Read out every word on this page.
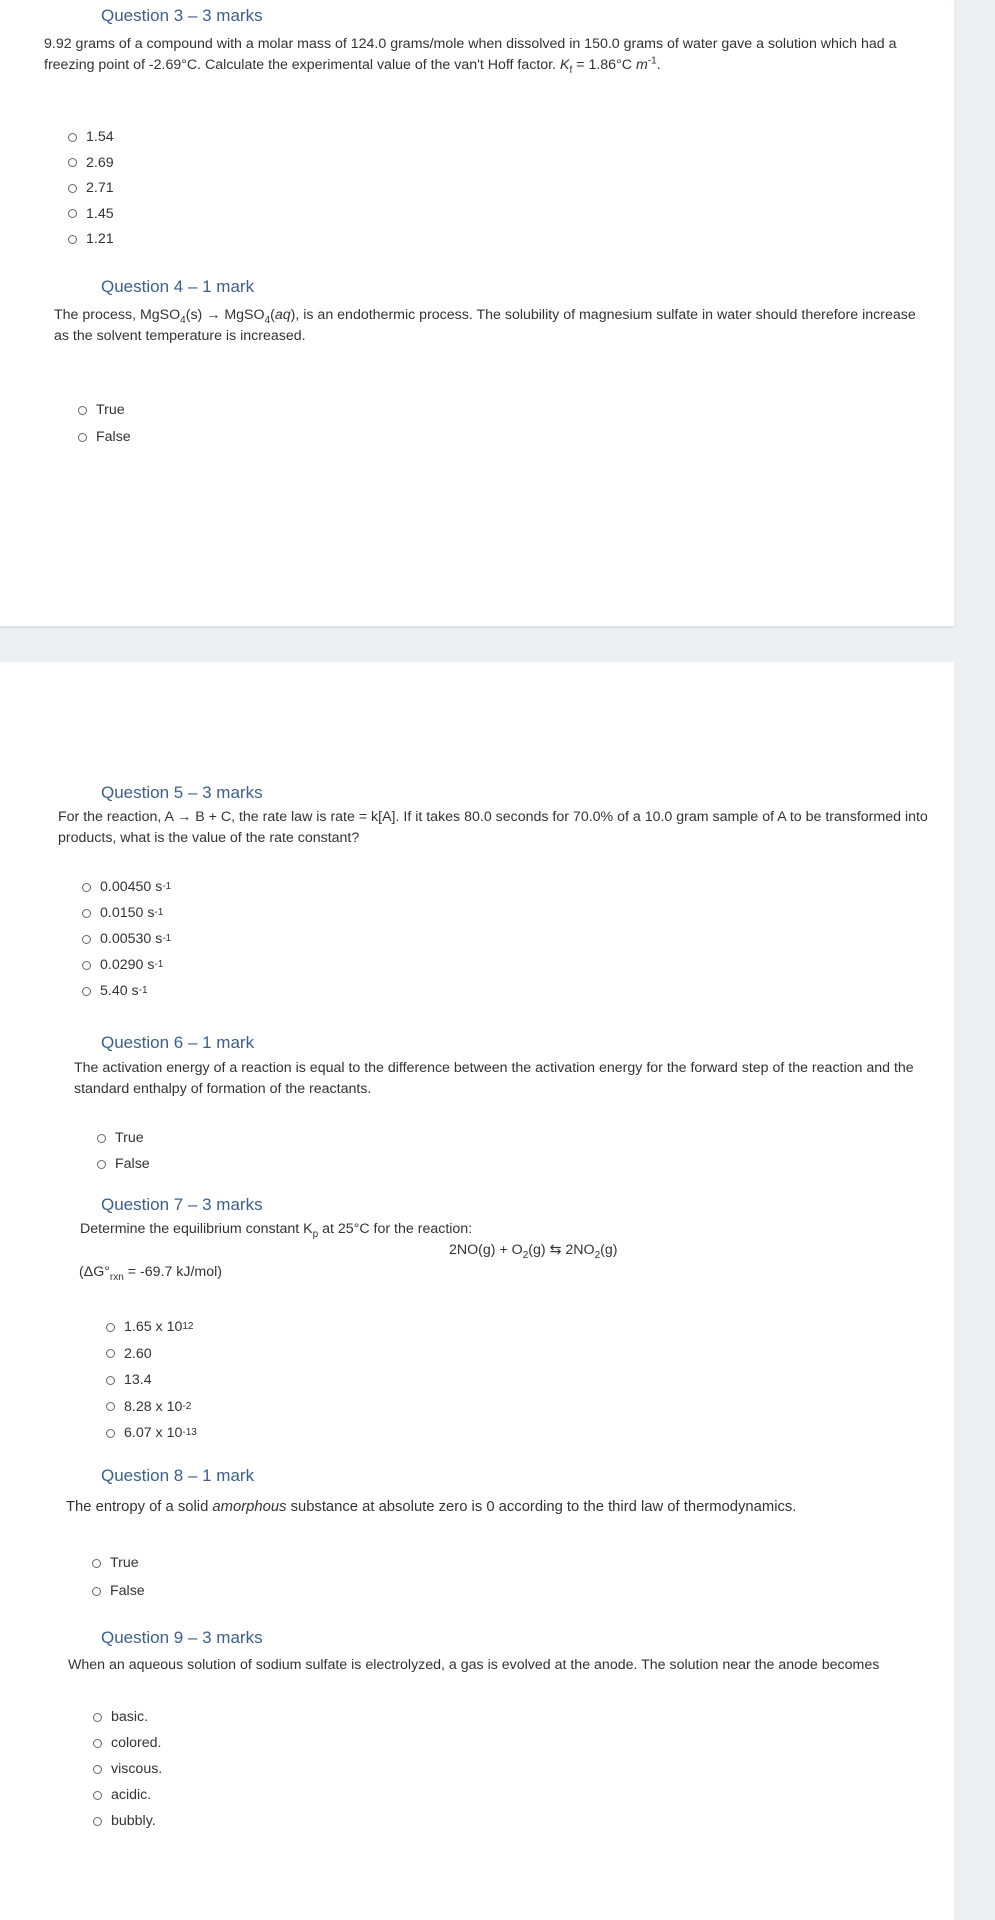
Question 3 – 3 marks
9.92 grams of a compound with a molar mass of 124.0 grams/mole when dissolved in 150.0 grams of water gave a solution which had a freezing point of -2.69°C. Calculate the experimental value of the van't Hoff factor. $K_f = 1.86^\circ C$ $m^{-1}$.
1.54
2.69
2.71
1.45
1.21
Question 4 – 1 mark
The process, MgSO$_4$(s) → MgSO$_4$(aq), is an endothermic process. The solubility of magnesium sulfate in water should therefore increase as the solvent temperature is increased.
True
False
Question 5 – 3 marks
For the reaction, A → B + C, the rate law is rate = k[A]. If it takes 80.0 seconds for 70.0% of a 10.0 gram sample of A to be transformed into products, what is the value of the rate constant?
0.00450 s -1
0.0150 s -1
0.00530 s -1
0.0290 s -1
5.40 s -1
Question 6 – 1 mark
The activation energy of a reaction is equal to the difference between the activation energy for the forward step of the reaction and the standard enthalpy of formation of the reactants.
True
False
Question 7 – 3 marks
Determine the equilibrium constant $K_p$ at 25°C for the reaction:
$2NO(g) + O_2(g)$ ⇆ $2NO_2(g)$
($\Delta G^\circ_{rxn} = -69.7$ kJ/mol)
1.65 x 10 12
2.60
13.4
8.28 x 10 -2
6.07 x 10 -13
Question 8 – 1 mark
The entropy of a solid amorphous substance at absolute zero is 0 according to the third law of thermodynamics.
True
False
Question 9 – 3 marks
When an aqueous solution of sodium sulfate is electrolyzed, a gas is evolved at the anode. The solution near the anode becomes
basic.
colored.
viscous.
acidic.
bubbly.
